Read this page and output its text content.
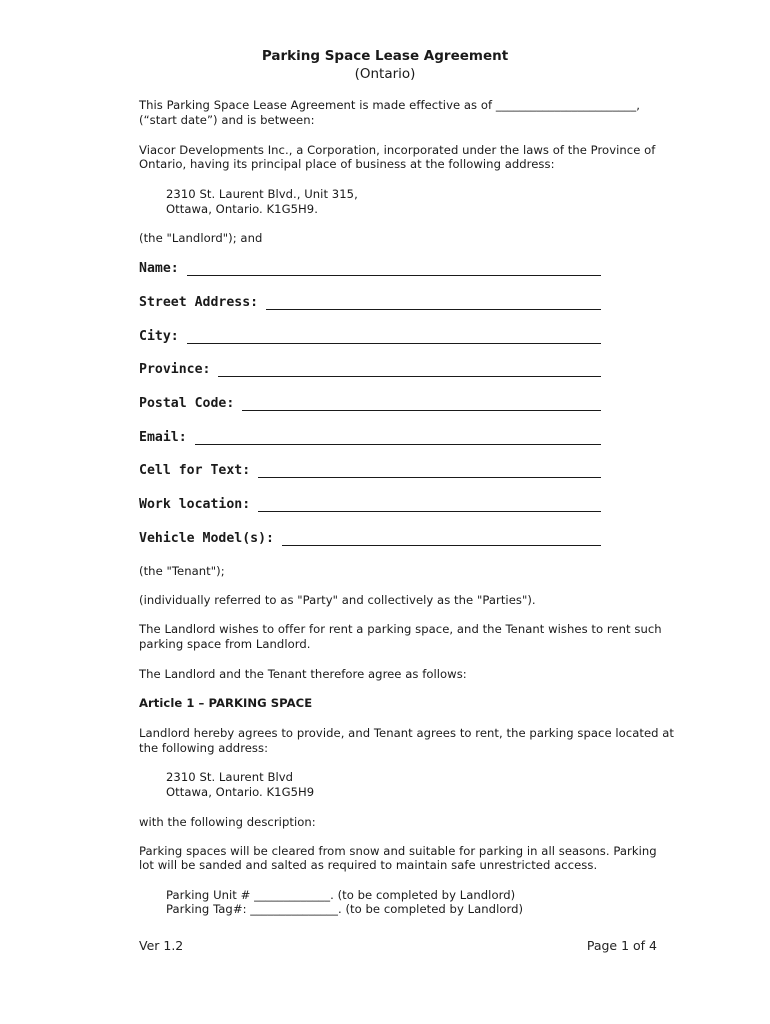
Parking Space Lease Agreement
(Ontario)
This Parking Space Lease Agreement is made effective as of ________________________,
(“start date”) and is between:
Viacor Developments Inc., a Corporation, incorporated under the laws of the Province of
Ontario, having its principal place of business at the following address:
2310 St. Laurent Blvd., Unit 315,
Ottawa, Ontario. K1G5H9.
(the "Landlord"); and
Name:
Street Address:
City:
Province:
Postal Code:
Email:
Cell for Text:
Work location:
Vehicle Model(s):
(the "Tenant");
(individually referred to as "Party" and collectively as the "Parties").
The Landlord wishes to offer for rent a parking space, and the Tenant wishes to rent such
parking space from Landlord.
The Landlord and the Tenant therefore agree as follows:
Article 1 – PARKING SPACE
Landlord hereby agrees to provide, and Tenant agrees to rent, the parking space located at
the following address:
2310 St. Laurent Blvd
Ottawa, Ontario. K1G5H9
with the following description:
Parking spaces will be cleared from snow and suitable for parking in all seasons. Parking
lot will be sanded and salted as required to maintain safe unrestricted access.
Parking Unit # _____________. (to be completed by Landlord)
Parking Tag#: _______________. (to be completed by Landlord)
Ver 1.2	Page 1 of 4
